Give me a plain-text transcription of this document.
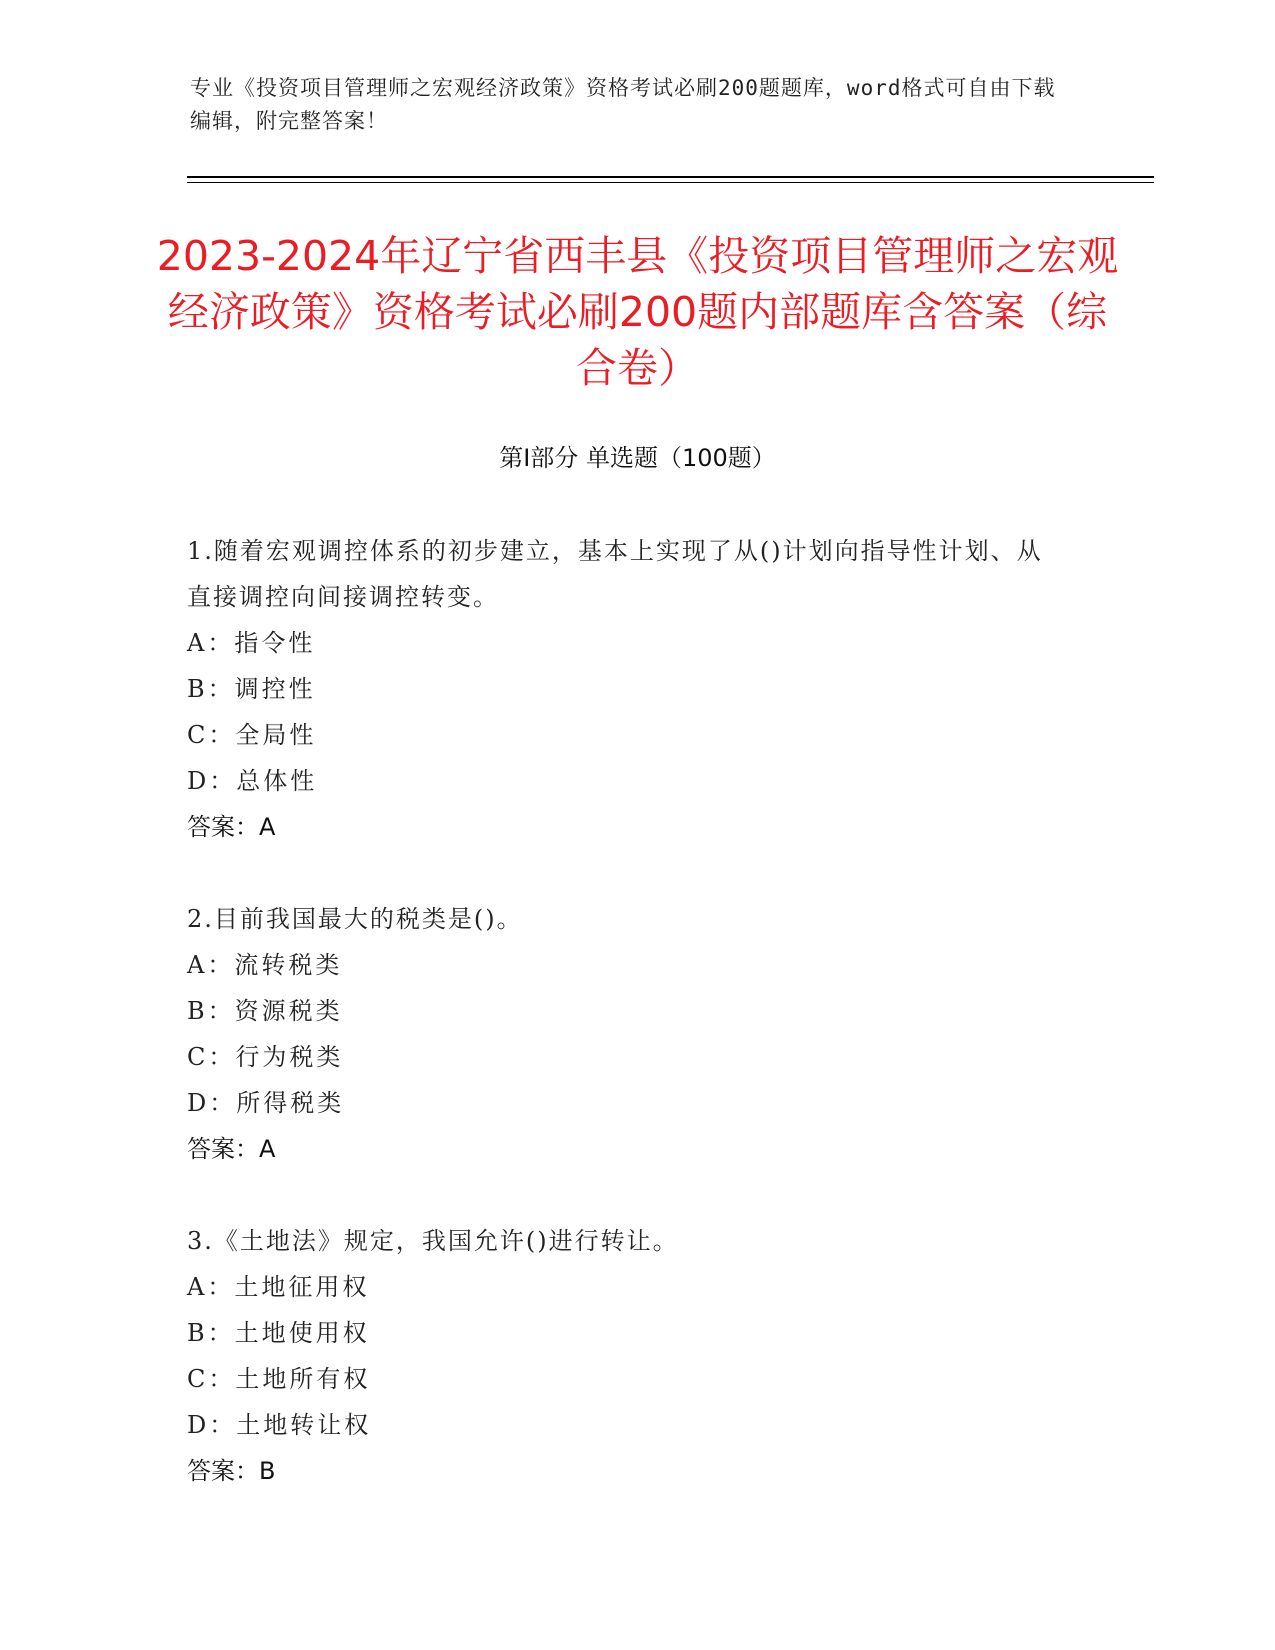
专业《投资项目管理师之宏观经济政策》资格考试必刷200题题库，word格式可自由下载编辑，附完整答案！
2023-2024年辽宁省西丰县《投资项目管理师之宏观经济政策》资格考试必刷200题内部题库含答案（综合卷）
第I部分 单选题（100题）
1.随着宏观调控体系的初步建立，基本上实现了从()计划向指导性计划、从直接调控向间接调控转变。
A：指令性
B：调控性
C：全局性
D：总体性
答案：A
2.目前我国最大的税类是()。
A：流转税类
B：资源税类
C：行为税类
D：所得税类
答案：A
3.《土地法》规定，我国允许()进行转让。
A：土地征用权
B：土地使用权
C：土地所有权
D：土地转让权
答案：B
